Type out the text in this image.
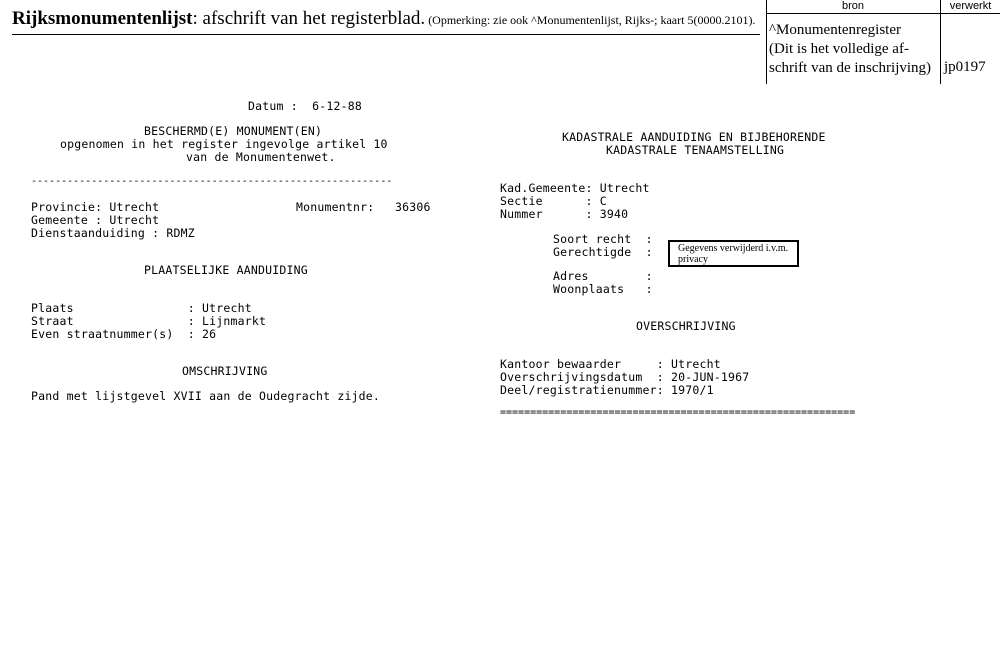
Rijksmonumentenlijst: afschrift van het registerblad. (Opmerking: zie ook ^Monumentenlijst, Rijks-; kaart 5(0000.2101).
bron	verwerkt
^Monumentenregister
(Dit is het volledige af-
schrift van de inschrijving) jp0197
Datum :  6-12-88
BESCHERMD(E) MONUMENT(EN)
opgenomen in het register ingevolge artikel 10
van de Monumentenwet.
------------------------------------------------------------
Provincie: Utrecht
Gemeente : Utrecht
Dienstaanduiding : RDMZ
Monumentnr: 36306
PLAATSELIJKE AANDUIDING
Plaats                : Utrecht
Straat                : Lijnmarkt
Even straatnummer(s)  : 26
OMSCHRIJVING
Pand met lijstgevel XVII aan de Oudegracht zijde.
KADASTRALE AANDUIDING EN BIJBEHORENDE
KADASTRALE TENAAMSTELLING
Kad.Gemeente: Utrecht
Sectie      : C
Nummer      : 3940
Soort recht  :
Gerechtigde  :
Adres        :
Woonplaats   :
Gegevens verwijderd i.v.m.
privacy
OVERSCHRIJVING
Kantoor bewaarder     : Utrecht
Overschrijvingsdatum  : 20-JUN-1967
Deel/registratienummer: 1970/1
===========================================================
